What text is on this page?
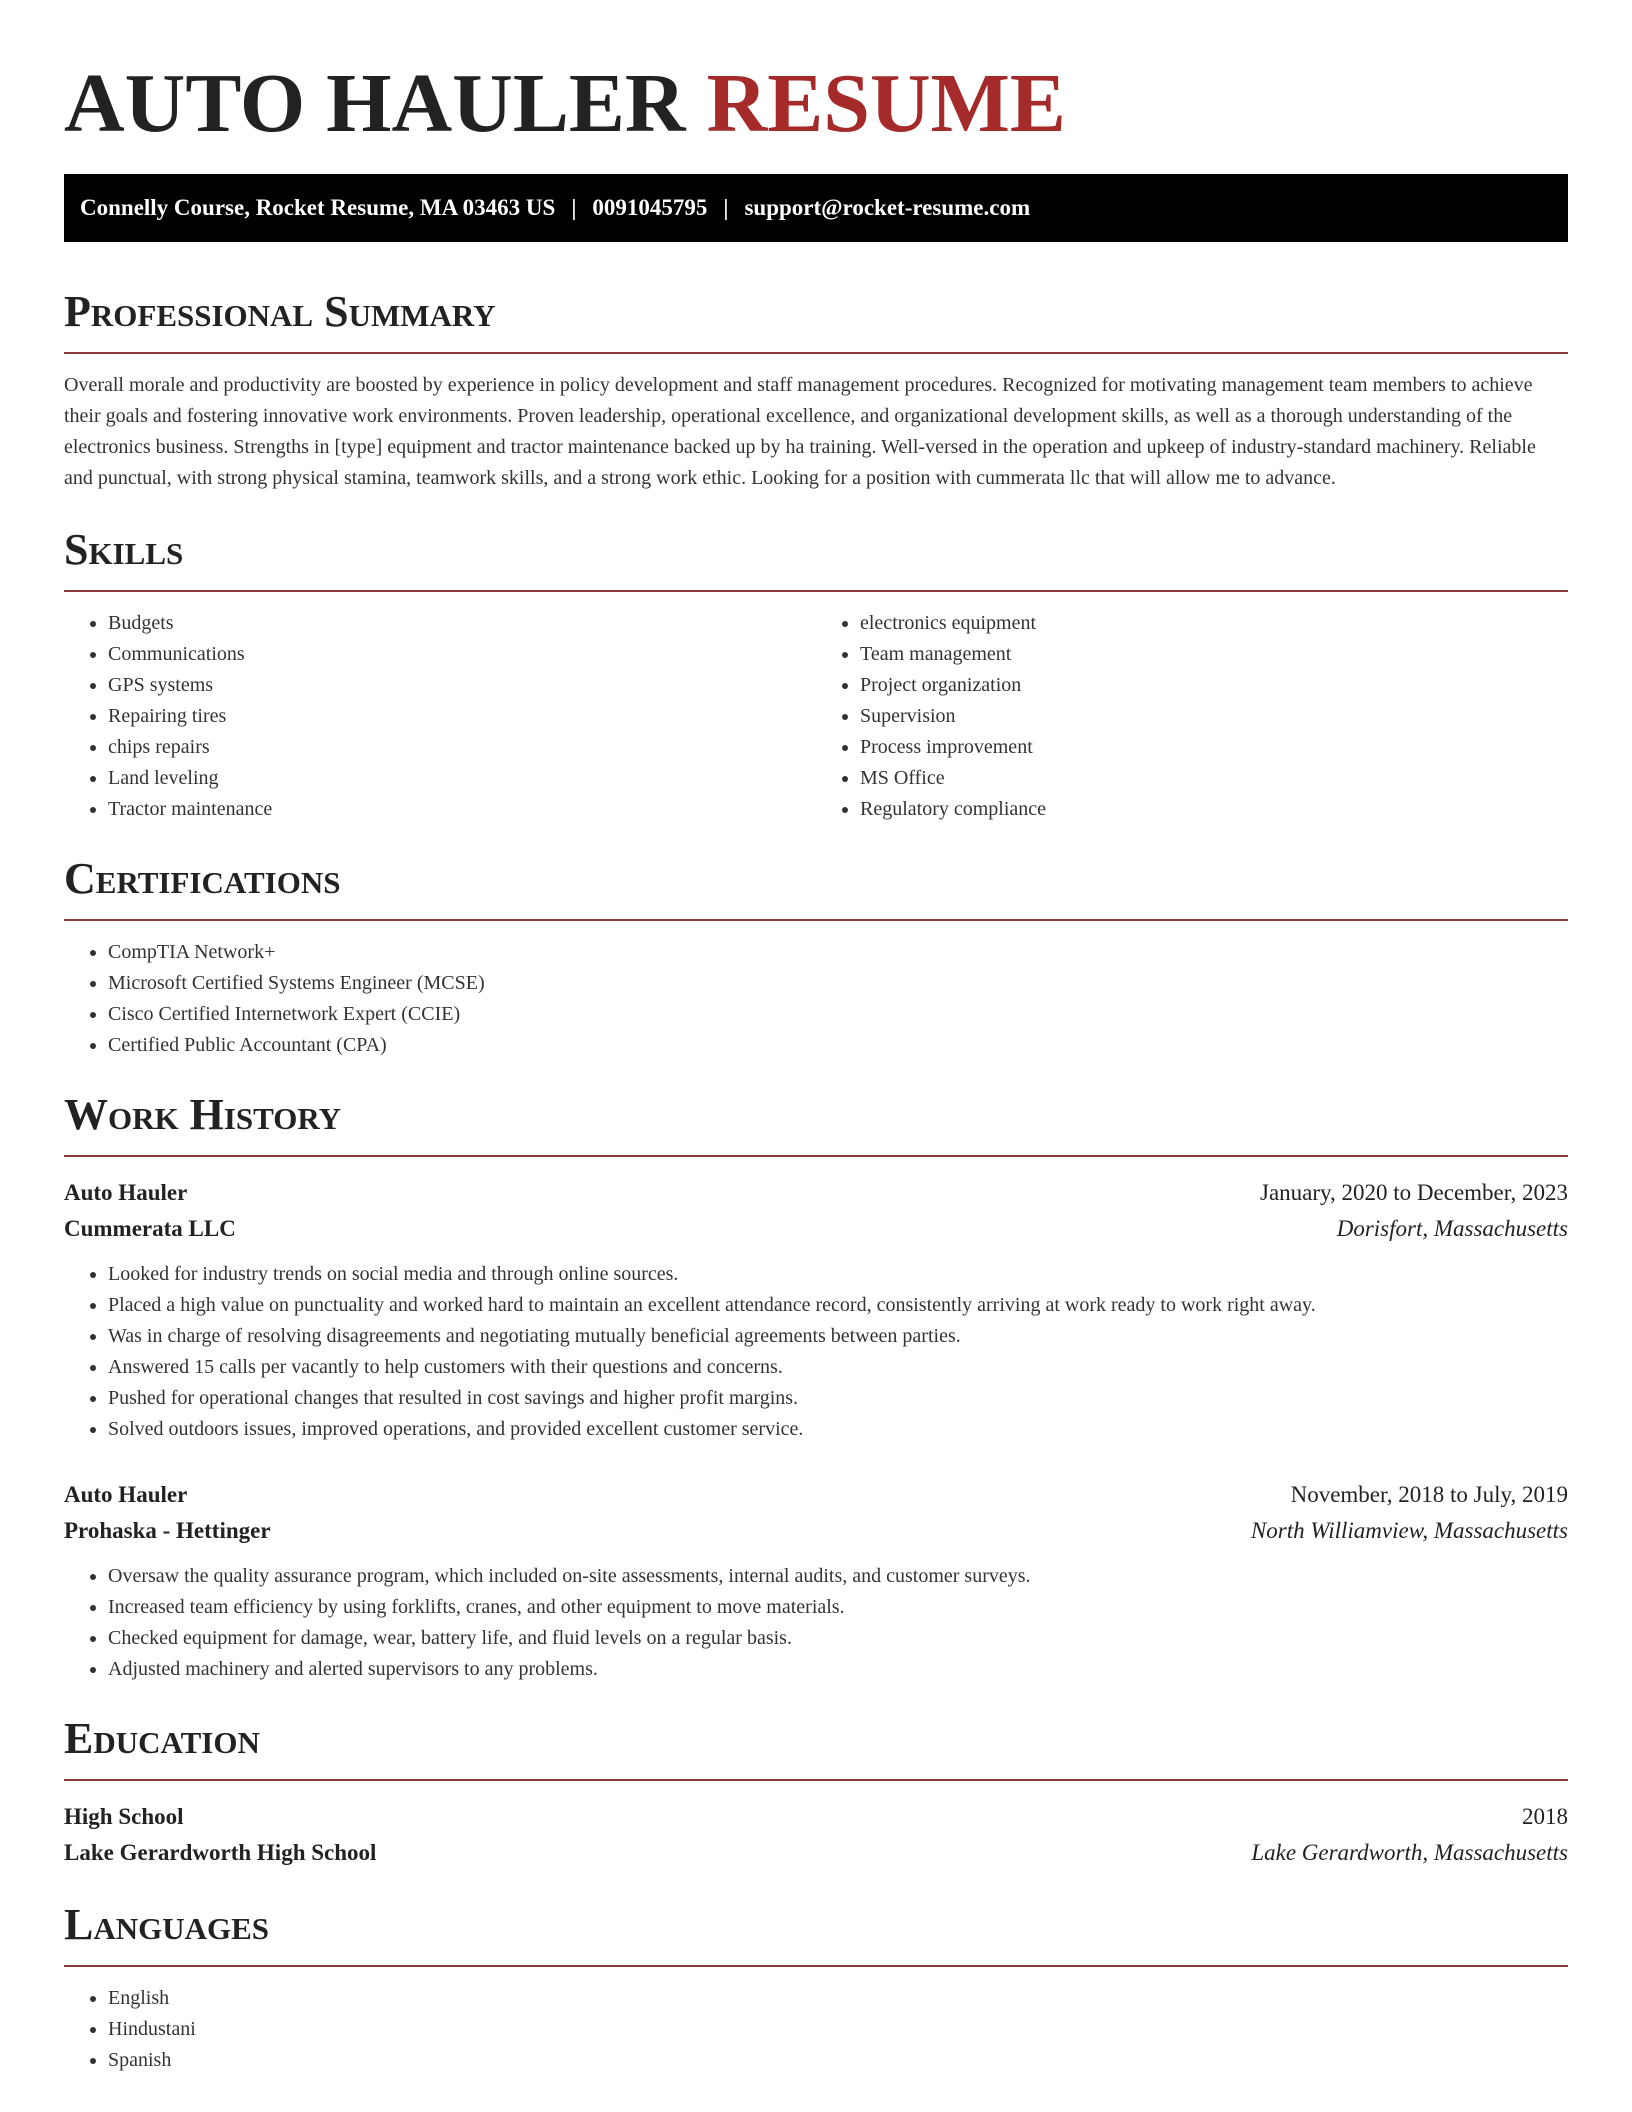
AUTO HAULER RESUME
Connelly Course, Rocket Resume, MA 03463 US | 0091045795 | support@rocket-resume.com
Professional Summary

Overall morale and productivity are boosted by experience in policy development and staff management procedures. Recognized for motivating management team members to achieve their goals and fostering innovative work environments. Proven leadership, operational excellence, and organizational development skills, as well as a thorough understanding of the electronics business. Strengths in [type] equipment and tractor maintenance backed up by ha training. Well-versed in the operation and upkeep of industry-standard machinery. Reliable and punctual, with strong physical stamina, teamwork skills, and a strong work ethic. Looking for a position with cummerata llc that will allow me to advance.

Skills
• Budgets
• Communications
• GPS systems
• Repairing tires
• chips repairs
• Land leveling
• Tractor maintenance
• electronics equipment
• Team management
• Project organization
• Supervision
• Process improvement
• MS Office
• Regulatory compliance
Certifications
• CompTIA Network+
• Microsoft Certified Systems Engineer (MCSE)
• Cisco Certified Internetwork Expert (CCIE)
• Certified Public Accountant (CPA)
Work History
Auto Hauler	January, 2020 to December, 2023
Cummerata LLC	Dorisfort, Massachusetts
• Looked for industry trends on social media and through online sources.
• Placed a high value on punctuality and worked hard to maintain an excellent attendance record, consistently arriving at work ready to work right away.
• Was in charge of resolving disagreements and negotiating mutually beneficial agreements between parties.
• Answered 15 calls per vacantly to help customers with their questions and concerns.
• Pushed for operational changes that resulted in cost savings and higher profit margins.
• Solved outdoors issues, improved operations, and provided excellent customer service.
Auto Hauler	November, 2018 to July, 2019
Prohaska - Hettinger	North Williamview, Massachusetts
• Oversaw the quality assurance program, which included on-site assessments, internal audits, and customer surveys.
• Increased team efficiency by using forklifts, cranes, and other equipment to move materials.
• Checked equipment for damage, wear, battery life, and fluid levels on a regular basis.
• Adjusted machinery and alerted supervisors to any problems.
Education
High School	2018
Lake Gerardworth High School	Lake Gerardworth, Massachusetts
Languages
• English
• Hindustani
• Spanish
